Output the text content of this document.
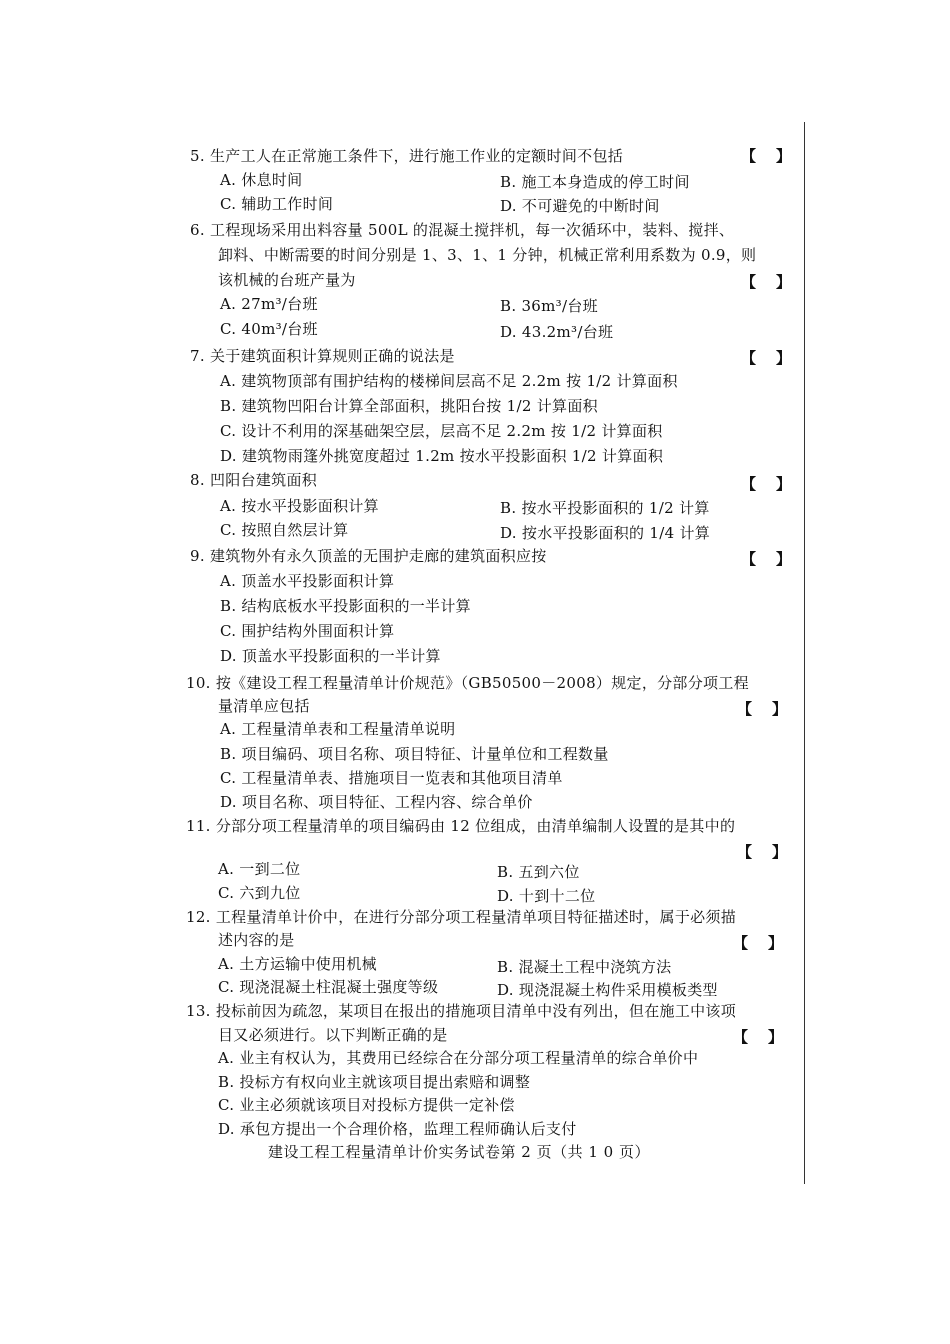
5. 生产工人在正常施工条件下，进行施工作业的定额时间不包括	【 】
A. 休息时间	B. 施工本身造成的停工时间
C. 辅助工作时间	D. 不可避免的中断时间
6. 工程现场采用出料容量 500L 的混凝土搅拌机，每一次循环中，装料、搅拌、
卸料、中断需要的时间分别是 1、3、1、1 分钟，机械正常利用系数为 0.9，则
该机械的台班产量为	【 】
A. 27m³/台班	B. 36m³/台班
C. 40m³/台班	D. 43.2m³/台班
7. 关于建筑面积计算规则正确的说法是	【 】
A. 建筑物顶部有围护结构的楼梯间层高不足 2.2m 按 1/2 计算面积
B. 建筑物凹阳台计算全部面积，挑阳台按 1/2 计算面积
C. 设计不利用的深基础架空层，层高不足 2.2m 按 1/2 计算面积
D. 建筑物雨篷外挑宽度超过 1.2m 按水平投影面积 1/2 计算面积
8. 凹阳台建筑面积	【 】
A. 按水平投影面积计算	B. 按水平投影面积的 1/2 计算
C. 按照自然层计算	D. 按水平投影面积的 1/4 计算
9. 建筑物外有永久顶盖的无围护走廊的建筑面积应按	【 】
A. 顶盖水平投影面积计算
B. 结构底板水平投影面积的一半计算
C. 围护结构外围面积计算
D. 顶盖水平投影面积的一半计算
10. 按《建设工程工程量清单计价规范》（GB50500－2008）规定，分部分项工程
量清单应包括	【 】
A. 工程量清单表和工程量清单说明
B. 项目编码、项目名称、项目特征、计量单位和工程数量
C. 工程量清单表、措施项目一览表和其他项目清单
D. 项目名称、项目特征、工程内容、综合单价
11. 分部分项工程量清单的项目编码由 12 位组成，由清单编制人设置的是其中的
【 】
A. 一到二位	B. 五到六位
C. 六到九位	D. 十到十二位
12. 工程量清单计价中，在进行分部分项工程量清单项目特征描述时，属于必须描
述内容的是	【 】
A. 土方运输中使用机械	B. 混凝土工程中浇筑方法
C. 现浇混凝土柱混凝土强度等级	D. 现浇混凝土构件采用模板类型
13. 投标前因为疏忽，某项目在报出的措施项目清单中没有列出，但在施工中该项
目又必须进行。以下判断正确的是	【 】
A. 业主有权认为，其费用已经综合在分部分项工程量清单的综合单价中
B. 投标方有权向业主就该项目提出索赔和调整
C. 业主必须就该项目对投标方提供一定补偿
D. 承包方提出一个合理价格，监理工程师确认后支付
建设工程工程量清单计价实务试卷第 2 页（共 1 0 页）
